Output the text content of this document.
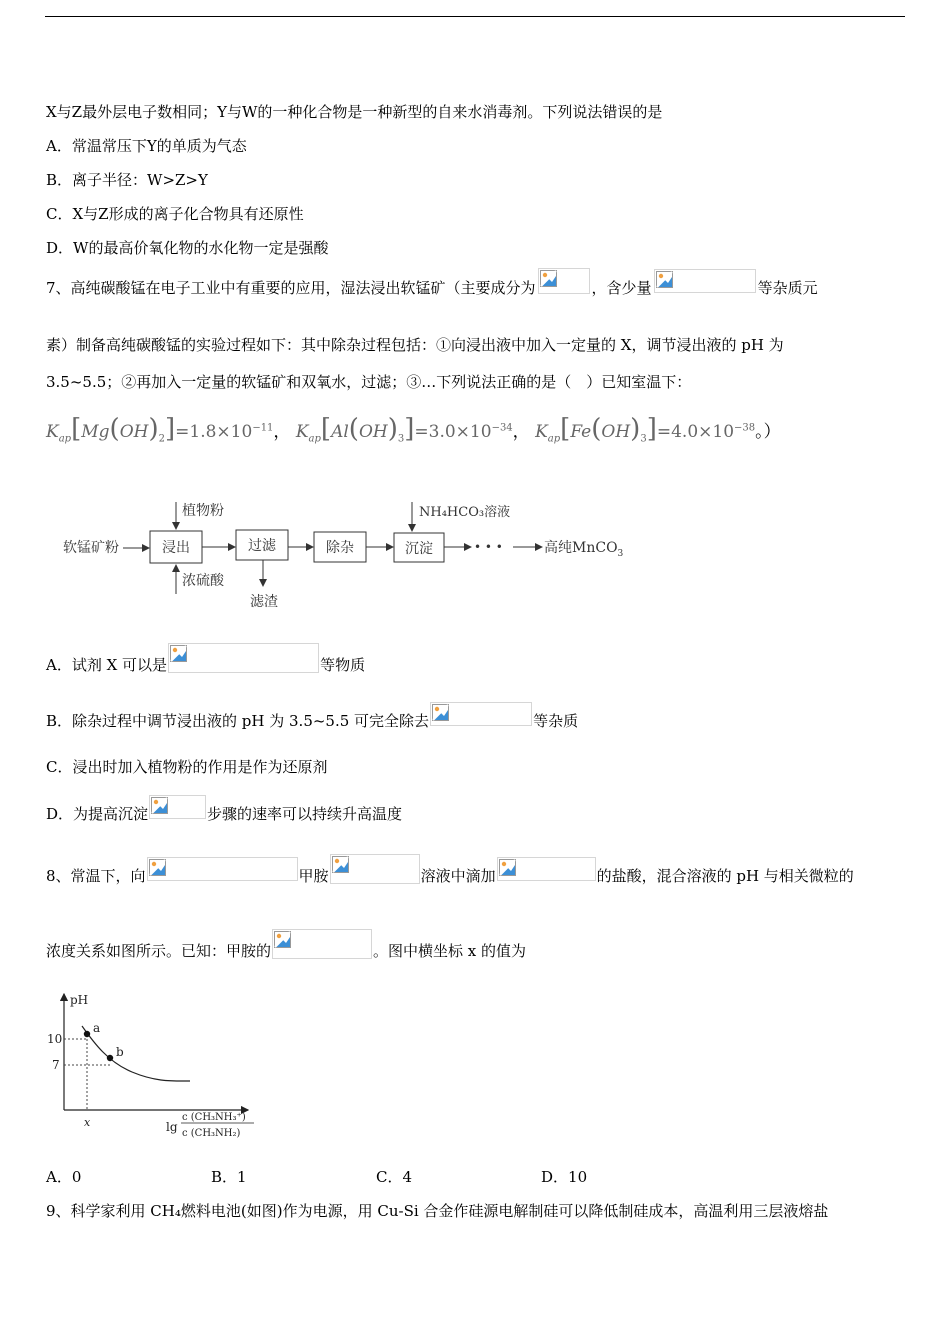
X与Z最外层电子数相同；Y与W的一种化合物是一种新型的自来水消毒剂。下列说法错误的是
A．常温常压下Y的单质为气态
B．离子半径：W>Z>Y
C．X与Z形成的离子化合物具有还原性
D．W的最高价氧化物的水化物一定是强酸
7、高纯碳酸锰在电子工业中有重要的应用，湿法浸出软锰矿（主要成分为	，含少量	等杂质元
素）制备高纯碳酸锰的实验过程如下：其中除杂过程包括：①向浸出液中加入一定量的 X，调节浸出液的 pH 为
3.5~5.5；②再加入一定量的软锰矿和双氧水，过滤；③…下列说法正确的是（　）已知室温下：
$K_{ap}[Mg(OH)_2]=1.8\times 10^{-11}$， $K_{ap}[Al(OH)_3]=3.0\times 10^{-34}$， $K_{ap}[Fe(OH)_3]=4.0\times 10^{-38}$。）
软锰矿粉	浸出
植物粉
浓硫酸
过滤
滤渣
除杂	沉淀
NH₄HCO₃溶液
• • •	高纯MnCO$_3$
A．试剂 X 可以是	等物质
B．除杂过程中调节浸出液的 pH 为 3.5~5.5 可完全除去	等杂质
C．浸出时加入植物粉的作用是作为还原剂
D．为提高沉淀	步骤的速率可以持续升高温度
8、常温下，向	甲胺	溶液中滴加	的盐酸，混合溶液的 pH 与相关微粒的
浓度关系如图所示。已知：甲胺的	。图中横坐标 x 的值为
pH
10
7
a
b
x	lg
c (CH₃NH₃⁺)
c (CH₃NH₂)
A．0	B．1	C．4	D．10
9、科学家利用 CH₄燃料电池(如图)作为电源，用 Cu-Si 合金作硅源电解制硅可以降低制硅成本，高温利用三层液熔盐
